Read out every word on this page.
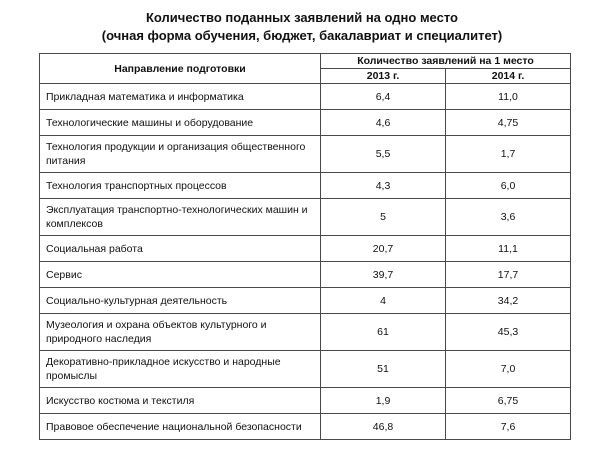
Количество поданных заявлений на одно место
(очная форма обучения, бюджет, бакалавриат и специалитет)
Направление подготовки	Количество заявлений на 1 место	
	2013 г.	2014 г.
Прикладная математика и информатика	6,4	11,0
Технологические машины и оборудование	4,6	4,75
Технология продукции и организация общественного питания	5,5	1,7
Технология транспортных процессов	4,3	6,0
Эксплуатация транспортно-технологических машин и комплексов	5	3,6
Социальная работа	20,7	11,1
Сервис	39,7	17,7
Социально-культурная деятельность	4	34,2
Музеология и охрана объектов культурного и природного наследия	61	45,3
Декоративно-прикладное искусство и народные промыслы	51	7,0
Искусство костюма и текстиля	1,9	6,75
Правовое обеспечение национальной безопасности	46,8	7,6
